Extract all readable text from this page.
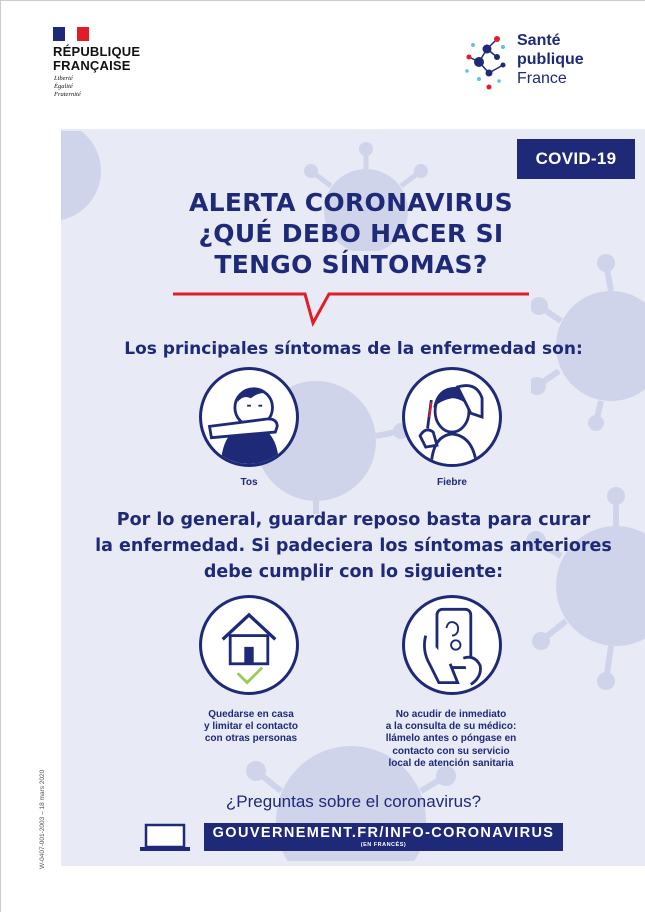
RÉPUBLIQUE
FRANÇAISE
Liberté
Égalité
Fraternité
Santé
publique
France
COVID-19
ALERTA CORONAVIRUS
¿QUÉ DEBO HACER SI
TENGO SÍNTOMAS?
Los principales síntomas de la enfermedad son:
Tos	Fiebre
Por lo general, guardar reposo basta para curar
la enfermedad. Si padeciera los síntomas anteriores
debe cumplir con lo siguiente:
Quedarse en casa
y limitar el contacto
con otras personas
No acudir de inmediato
a la consulta de su médico:
llámelo antes o póngase en
contacto con su servicio
local de atención sanitaria
¿Preguntas sobre el coronavirus?
GOUVERNEMENT.FR/INFO-CORONAVIRUS
(EN FRANCÉS)
W-0407-001-2003 – 18 mars 2020
